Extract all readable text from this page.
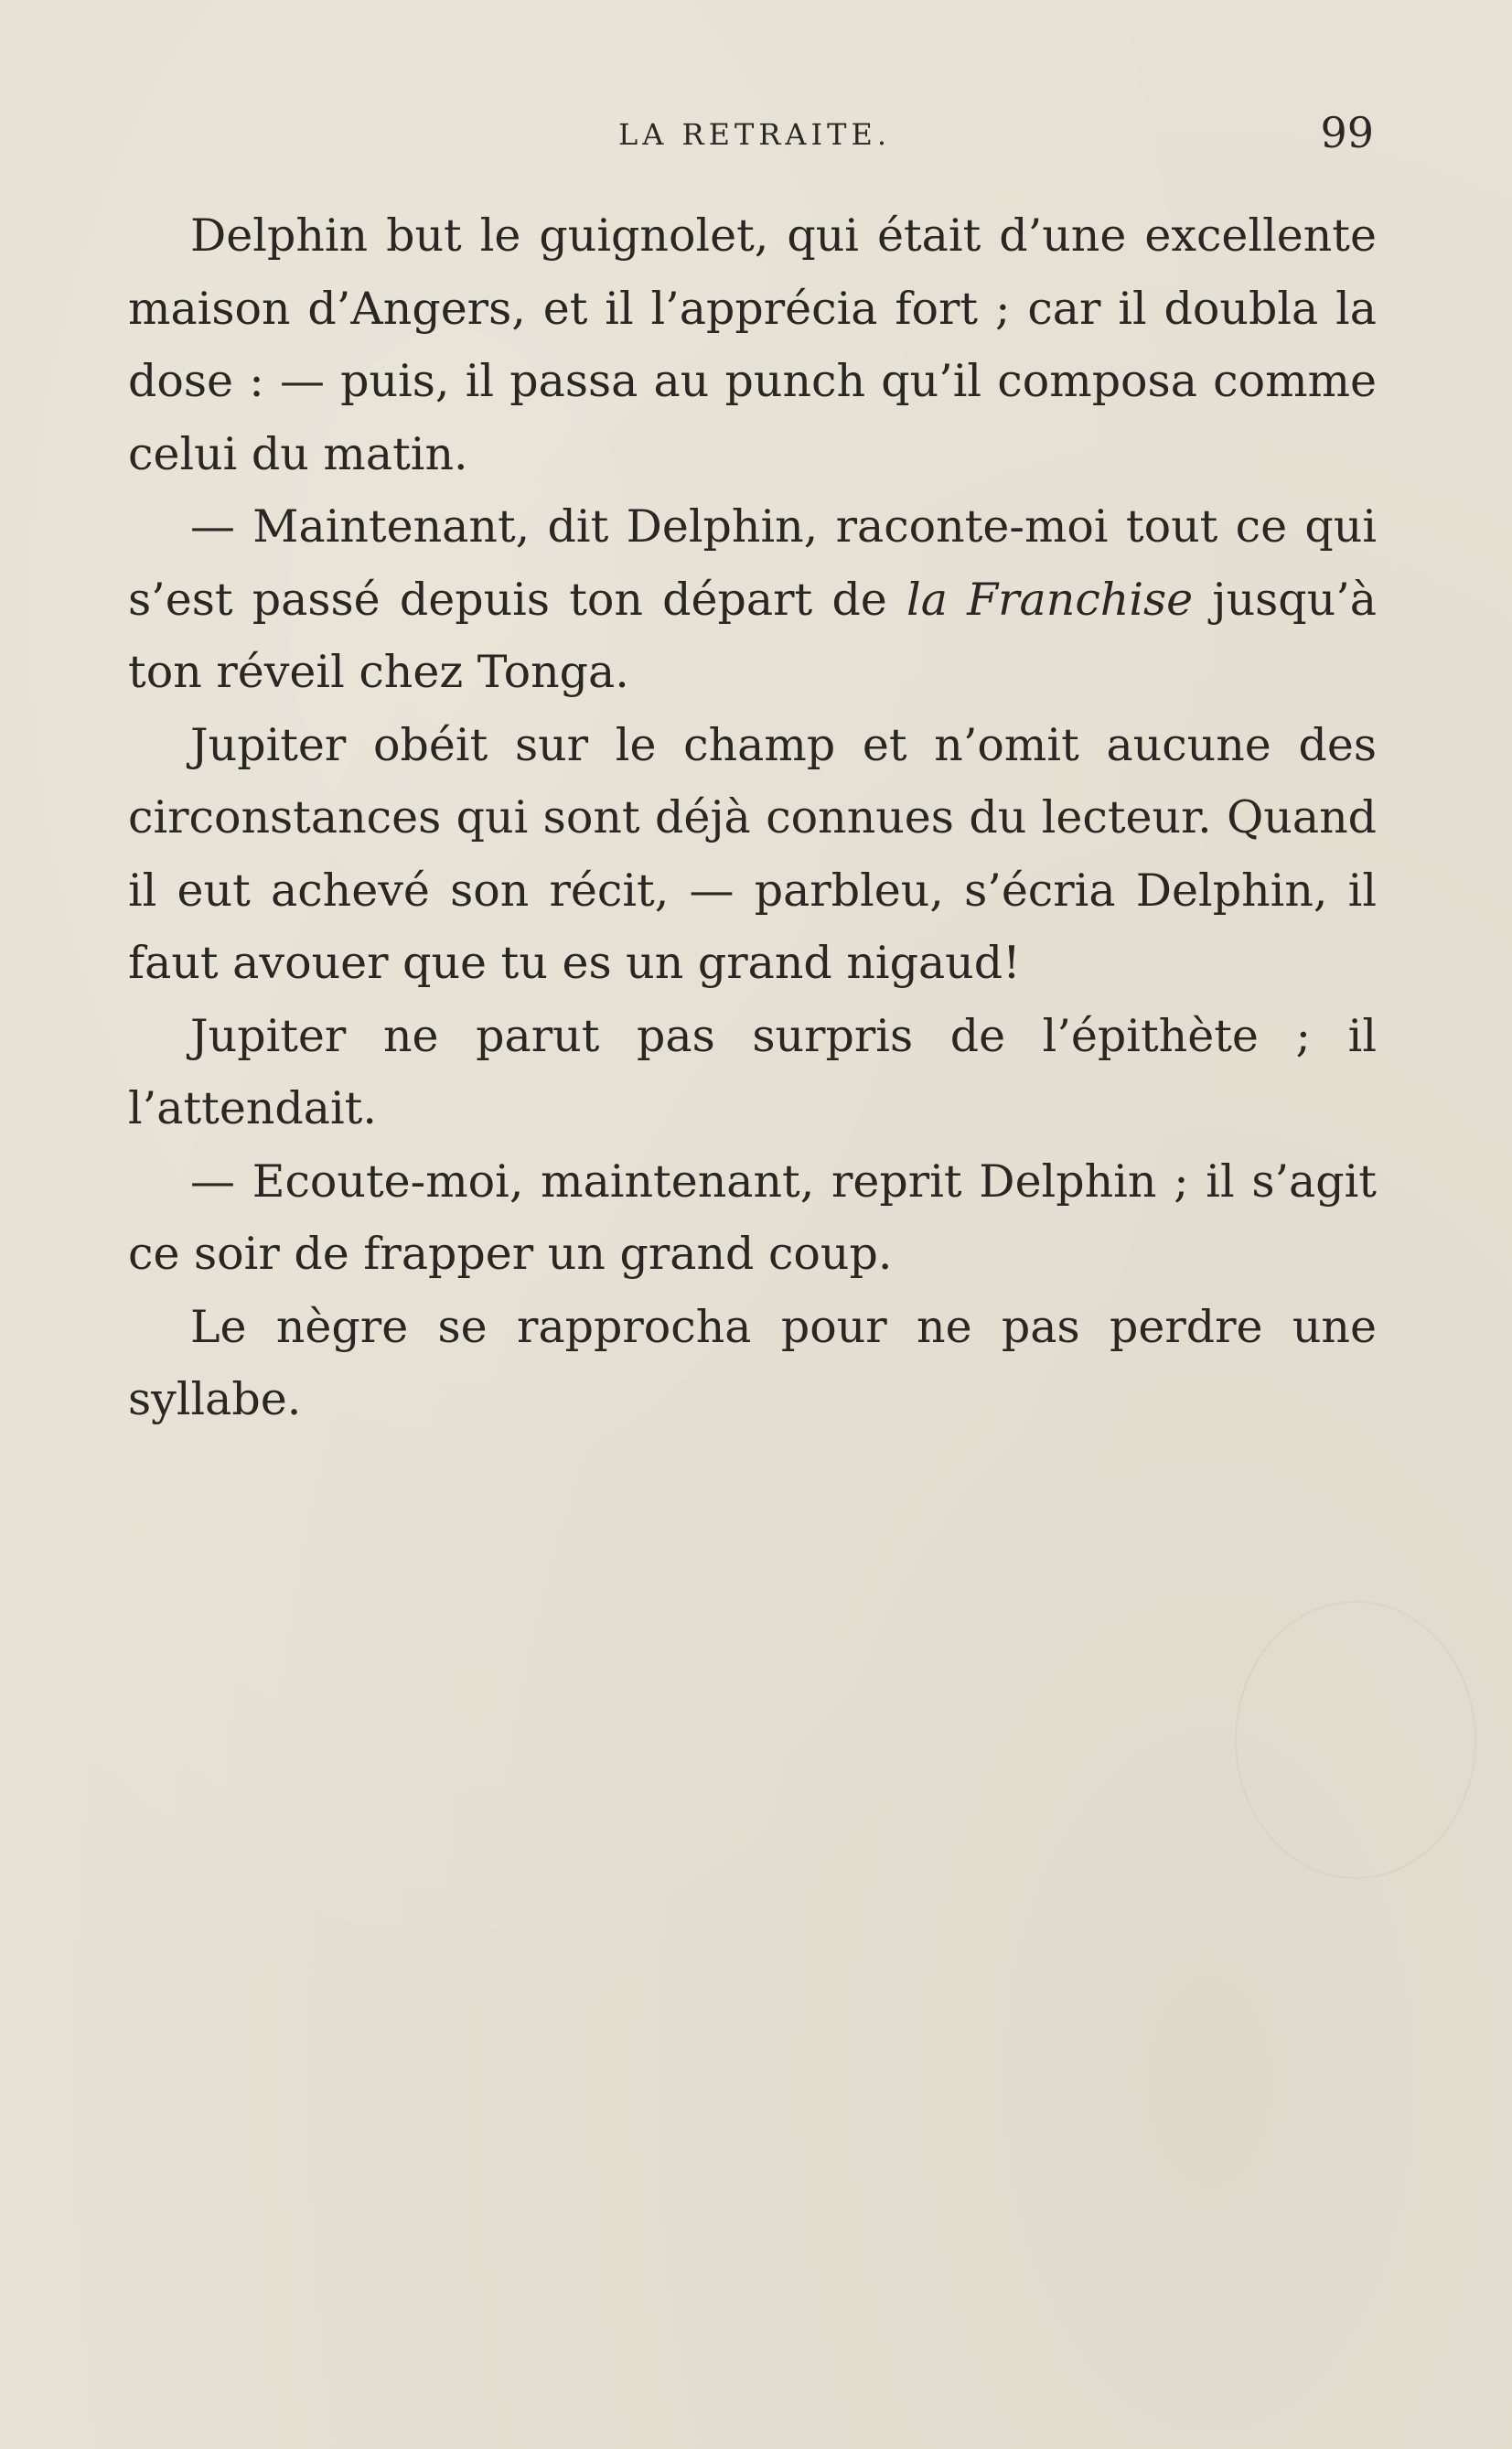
LA RETRAITE.	99

Delphin but le guignolet, qui était d’une excellente maison d’Angers, et il l’apprécia fort ; car il doubla la dose : — puis, il passa au punch qu’il composa comme celui du matin.

— Maintenant, dit Delphin, raconte-moi tout ce qui s’est passé depuis ton départ de la Franchise jusqu’à ton réveil chez Tonga.

Jupiter obéit sur le champ et n’omit aucune des circonstances qui sont déjà connues du lecteur. Quand il eut achevé son récit, — parbleu, s’écria Delphin, il faut avouer que tu es un grand nigaud!

Jupiter ne parut pas surpris de l’épithète ; il l’attendait.

— Ecoute-moi, maintenant, reprit Delphin ; il s’agit ce soir de frapper un grand coup.

Le nègre se rapprocha pour ne pas perdre une syllabe.
